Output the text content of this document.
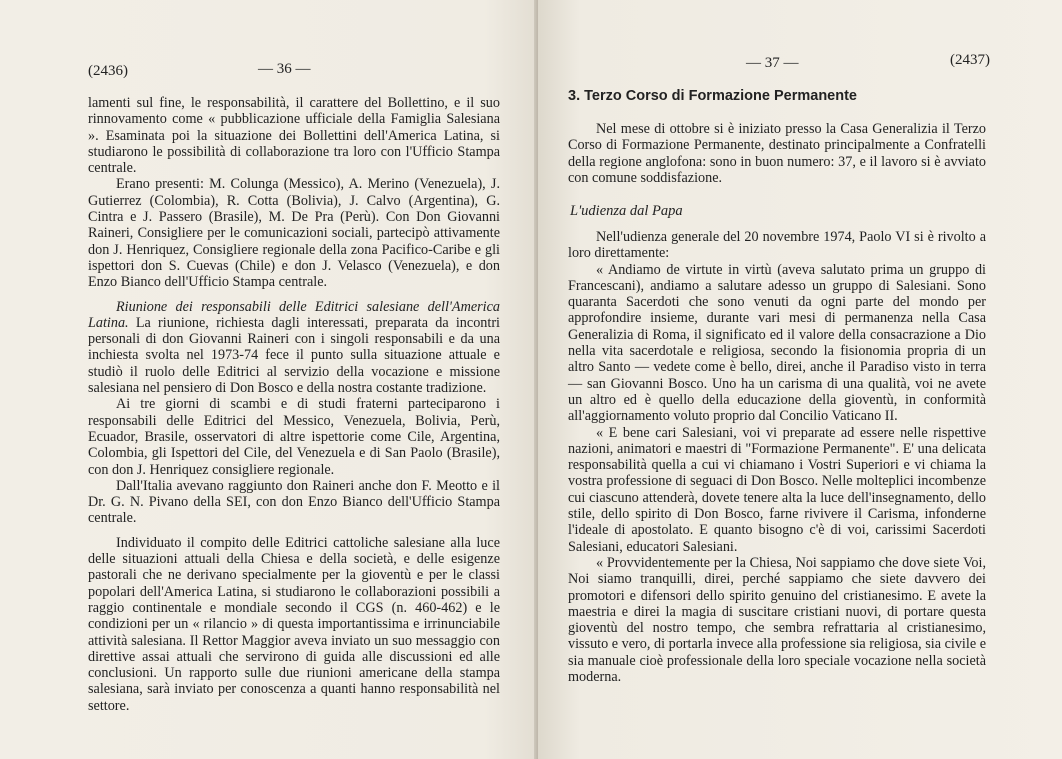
(2436)	— 36 —

lamenti sul fine, le responsabilità, il carattere del Bollettino, e il suo rinnovamento come « pubblicazione ufficiale della Famiglia Salesiana ». Esaminata poi la situazione dei Bollettini dell'America Latina, si studiarono le possibilità di collaborazione tra loro con l'Ufficio Stampa centrale.

Erano presenti: M. Colunga (Messico), A. Merino (Venezuela), J. Gutierrez (Colombia), R. Cotta (Bolivia), J. Calvo (Argentina), G. Cintra e J. Passero (Brasile), M. De Pra (Perù). Con Don Giovanni Raineri, Consigliere per le comunicazioni sociali, partecipò attivamente don J. Henriquez, Consigliere regionale della zona Pacifico-Caribe e gli ispettori don S. Cuevas (Chile) e don J. Velasco (Venezuela), e don Enzo Bianco dell'Ufficio Stampa centrale.

Riunione dei responsabili delle Editrici salesiane dell'America Latina. La riunione, richiesta dagli interessati, preparata da incontri personali di don Giovanni Raineri con i singoli responsabili e da una inchiesta svolta nel 1973-74 fece il punto sulla situazione attuale e studiò il ruolo delle Editrici al servizio della vocazione e missione salesiana nel pensiero di Don Bosco e della nostra costante tradizione.

Ai tre giorni di scambi e di studi fraterni parteciparono i responsabili delle Editrici del Messico, Venezuela, Bolivia, Perù, Ecuador, Brasile, osservatori di altre ispettorie come Cile, Argentina, Colombia, gli Ispettori del Cile, del Venezuela e di San Paolo (Brasile), con don J. Henriquez consigliere regionale.

Dall'Italia avevano raggiunto don Raineri anche don F. Meotto e il Dr. G. N. Pivano della SEI, con don Enzo Bianco dell'Ufficio Stampa centrale.

Individuato il compito delle Editrici cattoliche salesiane alla luce delle situazioni attuali della Chiesa e della società, e delle esigenze pastorali che ne derivano specialmente per la gioventù e per le classi popolari dell'America Latina, si studiarono le collaborazioni possibili a raggio continentale e mondiale secondo il CGS (n. 460-462) e le condizioni per un « rilancio » di questa importantissima e irrinunciabile attività salesiana. Il Rettor Maggior aveva inviato un suo messaggio con direttive assai attuali che servirono di guida alle discussioni ed alle conclusioni. Un rapporto sulle due riunioni americane della stampa salesiana, sarà inviato per conoscenza a quanti hanno responsabilità nel settore.

— 37 —	(2437)
3. Terzo Corso di Formazione Permanente

Nel mese di ottobre si è iniziato presso la Casa Generalizia il Terzo Corso di Formazione Permanente, destinato principalmente a Confratelli della regione anglofona: sono in buon numero: 37, e il lavoro si è avviato con comune soddisfazione.

L'udienza dal Papa

Nell'udienza generale del 20 novembre 1974, Paolo VI si è rivolto a loro direttamente:

« Andiamo de virtute in virtù (aveva salutato prima un gruppo di Francescani), andiamo a salutare adesso un gruppo di Salesiani. Sono quaranta Sacerdoti che sono venuti da ogni parte del mondo per approfondire insieme, durante vari mesi di permanenza nella Casa Generalizia di Roma, il significato ed il valore della consacrazione a Dio nella vita sacerdotale e religiosa, secondo la fisionomia propria di un altro Santo — vedete come è bello, direi, anche il Paradiso visto in terra — san Giovanni Bosco. Uno ha un carisma di una qualità, voi ne avete un altro ed è quello della educazione della gioventù, in conformità all'aggiornamento voluto proprio dal Concilio Vaticano II.

« E bene cari Salesiani, voi vi preparate ad essere nelle rispettive nazioni, animatori e maestri di "Formazione Permanente". E' una delicata responsabilità quella a cui vi chiamano i Vostri Superiori e vi chiama la vostra professione di seguaci di Don Bosco. Nelle molteplici incombenze cui ciascuno attenderà, dovete tenere alta la luce dell'insegnamento, dello stile, dello spirito di Don Bosco, farne rivivere il Carisma, infonderne l'ideale di apostolato. E quanto bisogno c'è di voi, carissimi Sacerdoti Salesiani, educatori Salesiani.

« Provvidentemente per la Chiesa, Noi sappiamo che dove siete Voi, Noi siamo tranquilli, direi, perché sappiamo che siete davvero dei promotori e difensori dello spirito genuino del cristianesimo. E avete la maestria e direi la magia di suscitare cristiani nuovi, di portare questa gioventù del nostro tempo, che sembra refrattaria al cristianesimo, vissuto e vero, di portarla invece alla professione sia religiosa, sia civile e sia manuale cioè professionale della loro speciale vocazione nella società moderna.
